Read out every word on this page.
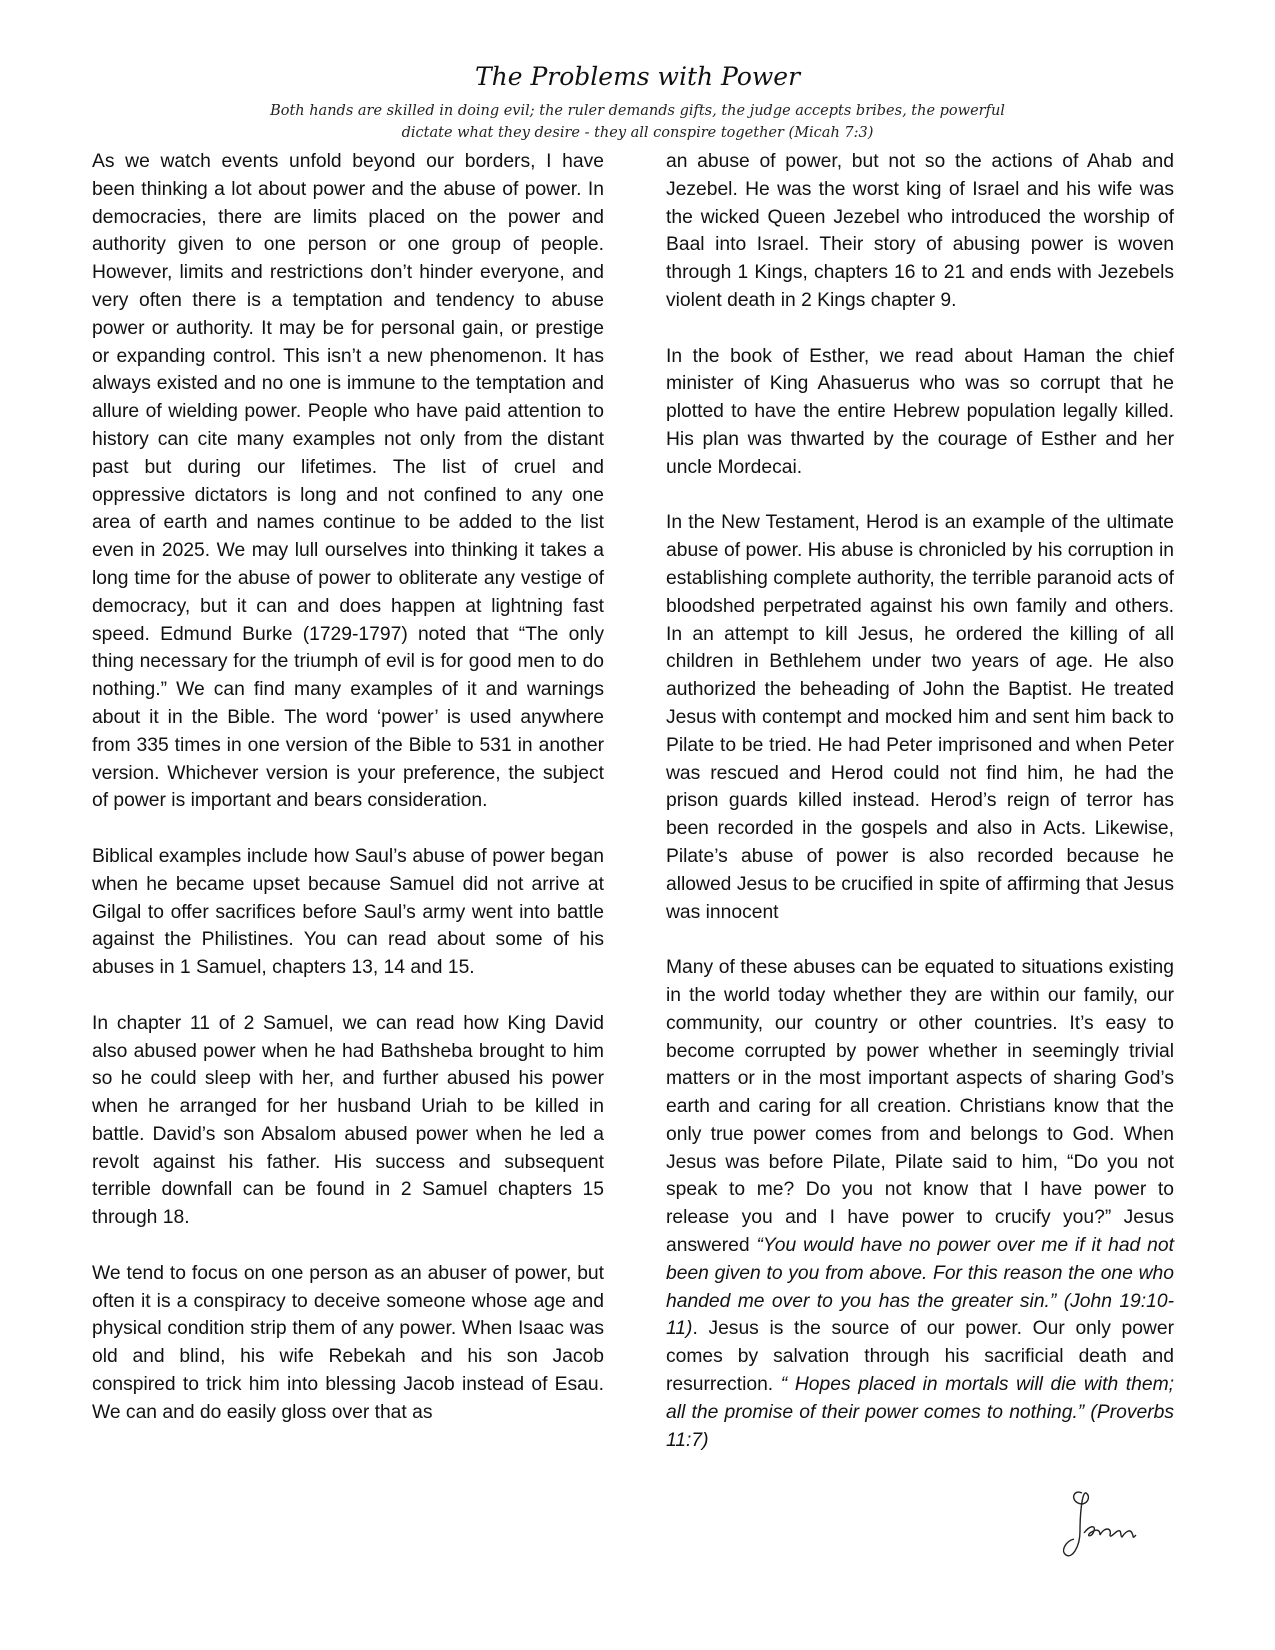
The Problems with Power
Both hands are skilled in doing evil; the ruler demands gifts, the judge accepts bribes, the powerful dictate what they desire - they all conspire together (Micah 7:3)

As we watch events unfold beyond our borders, I have been thinking a lot about power and the abuse of power. In democracies, there are limits placed on the power and authority given to one person or one group of people. However, limits and restrictions don’t hinder everyone, and very often there is a temptation and tendency to abuse power or authority. It may be for personal gain, or prestige or expanding control. This isn’t a new phenomenon. It has always existed and no one is immune to the temptation and allure of wielding power. People who have paid attention to history can cite many examples not only from the distant past but during our lifetimes. The list of cruel and oppressive dictators is long and not confined to any one area of earth and names continue to be added to the list even in 2025. We may lull ourselves into thinking it takes a long time for the abuse of power to obliterate any vestige of democracy, but it can and does happen at lightning fast speed. Edmund Burke (1729-1797) noted that “The only thing necessary for the triumph of evil is for good men to do nothing.” We can find many examples of it and warnings about it in the Bible. The word ‘power’ is used anywhere from 335 times in one version of the Bible to 531 in another version. Whichever version is your preference, the subject of power is important and bears consideration.

Biblical examples include how Saul’s abuse of power began when he became upset because Samuel did not arrive at Gilgal to offer sacrifices before Saul’s army went into battle against the Philistines. You can read about some of his abuses in 1 Samuel, chapters 13, 14 and 15.

In chapter 11 of 2 Samuel, we can read how King David also abused power when he had Bathsheba brought to him so he could sleep with her, and further abused his power when he arranged for her husband Uriah to be killed in battle. David’s son Absalom abused power when he led a revolt against his father. His success and subsequent terrible downfall can be found in 2 Samuel chapters 15 through 18.

We tend to focus on one person as an abuser of power, but often it is a conspiracy to deceive someone whose age and physical condition strip them of any power. When Isaac was old and blind, his wife Rebekah and his son Jacob conspired to trick him into blessing Jacob instead of Esau. We can and do easily gloss over that as

an abuse of power, but not so the actions of Ahab and Jezebel. He was the worst king of Israel and his wife was the wicked Queen Jezebel who introduced the worship of Baal into Israel. Their story of abusing power is woven through 1 Kings, chapters 16 to 21 and ends with Jezebels violent death in 2 Kings chapter 9.

In the book of Esther, we read about Haman the chief minister of King Ahasuerus who was so corrupt that he plotted to have the entire Hebrew population legally killed. His plan was thwarted by the courage of Esther and her uncle Mordecai.

In the New Testament, Herod is an example of the ultimate abuse of power. His abuse is chronicled by his corruption in establishing complete authority, the terrible paranoid acts of bloodshed perpetrated against his own family and others. In an attempt to kill Jesus, he ordered the killing of all children in Bethlehem under two years of age. He also authorized the beheading of John the Baptist. He treated Jesus with contempt and mocked him and sent him back to Pilate to be tried. He had Peter imprisoned and when Peter was rescued and Herod could not find him, he had the prison guards killed instead. Herod’s reign of terror has been recorded in the gospels and also in Acts. Likewise, Pilate’s abuse of power is also recorded because he allowed Jesus to be crucified in spite of affirming that Jesus was innocent

Many of these abuses can be equated to situations existing in the world today whether they are within our family, our community, our country or other countries. It’s easy to become corrupted by power whether in seemingly trivial matters or in the most important aspects of sharing God’s earth and caring for all creation. Christians know that the only true power comes from and belongs to God. When Jesus was before Pilate, Pilate said to him, “Do you not speak to me? Do you not know that I have power to release you and I have power to crucify you?” Jesus answered “You would have no power over me if it had not been given to you from above. For this reason the one who handed me over to you has the greater sin.” (John 19:10-11). Jesus is the source of our power. Our only power comes by salvation through his sacrificial death and resurrection. “ Hopes placed in mortals will die with them; all the promise of their power comes to nothing.” (Proverbs 11:7)
